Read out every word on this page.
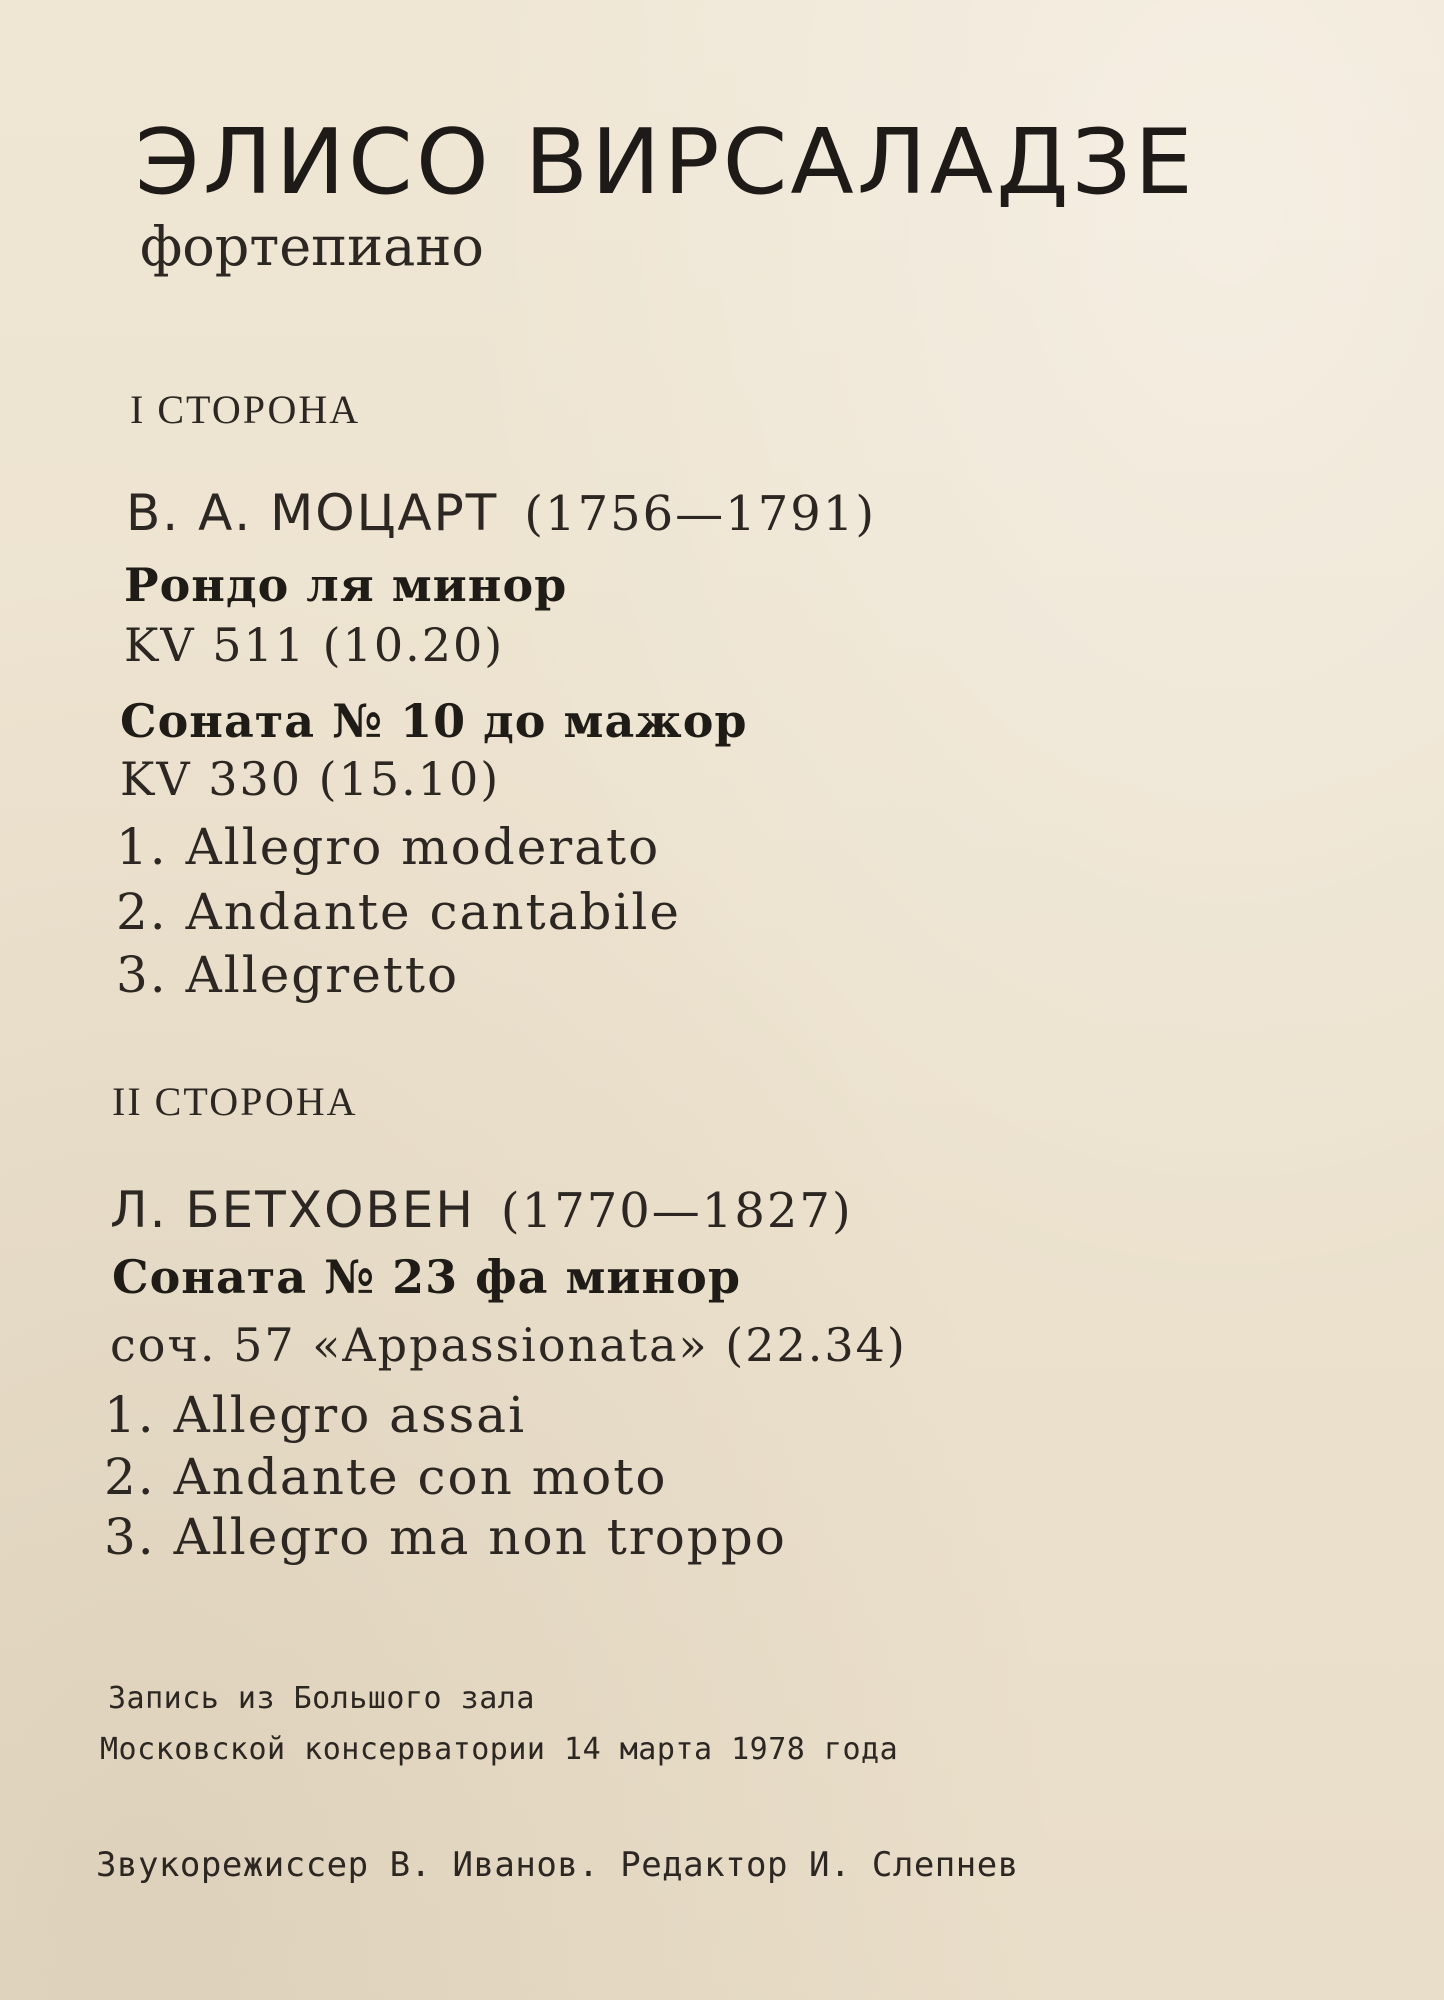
ЭЛИСО ВИРСАЛАДЗЕ
фортепиано
I СТОРОНА
В. А. МОЦАРТ (1756—1791)
Рондо ля минор
KV 511 (10.20)
Соната № 10 до мажор
KV 330 (15.10)
1. Allegro moderato
2. Andante cantabile
3. Allegretto
II СТОРОНА
Л. БЕТХОВЕН (1770—1827)
Соната № 23 фа минор
соч. 57 «Appassionata» (22.34)
1. Allegro assai
2. Andante con moto
3. Allegro ma non troppo
Запись из Большого зала
Московской консерватории 14 марта 1978 года
Звукорежиссер В. Иванов. Редактор И. Слепнев
